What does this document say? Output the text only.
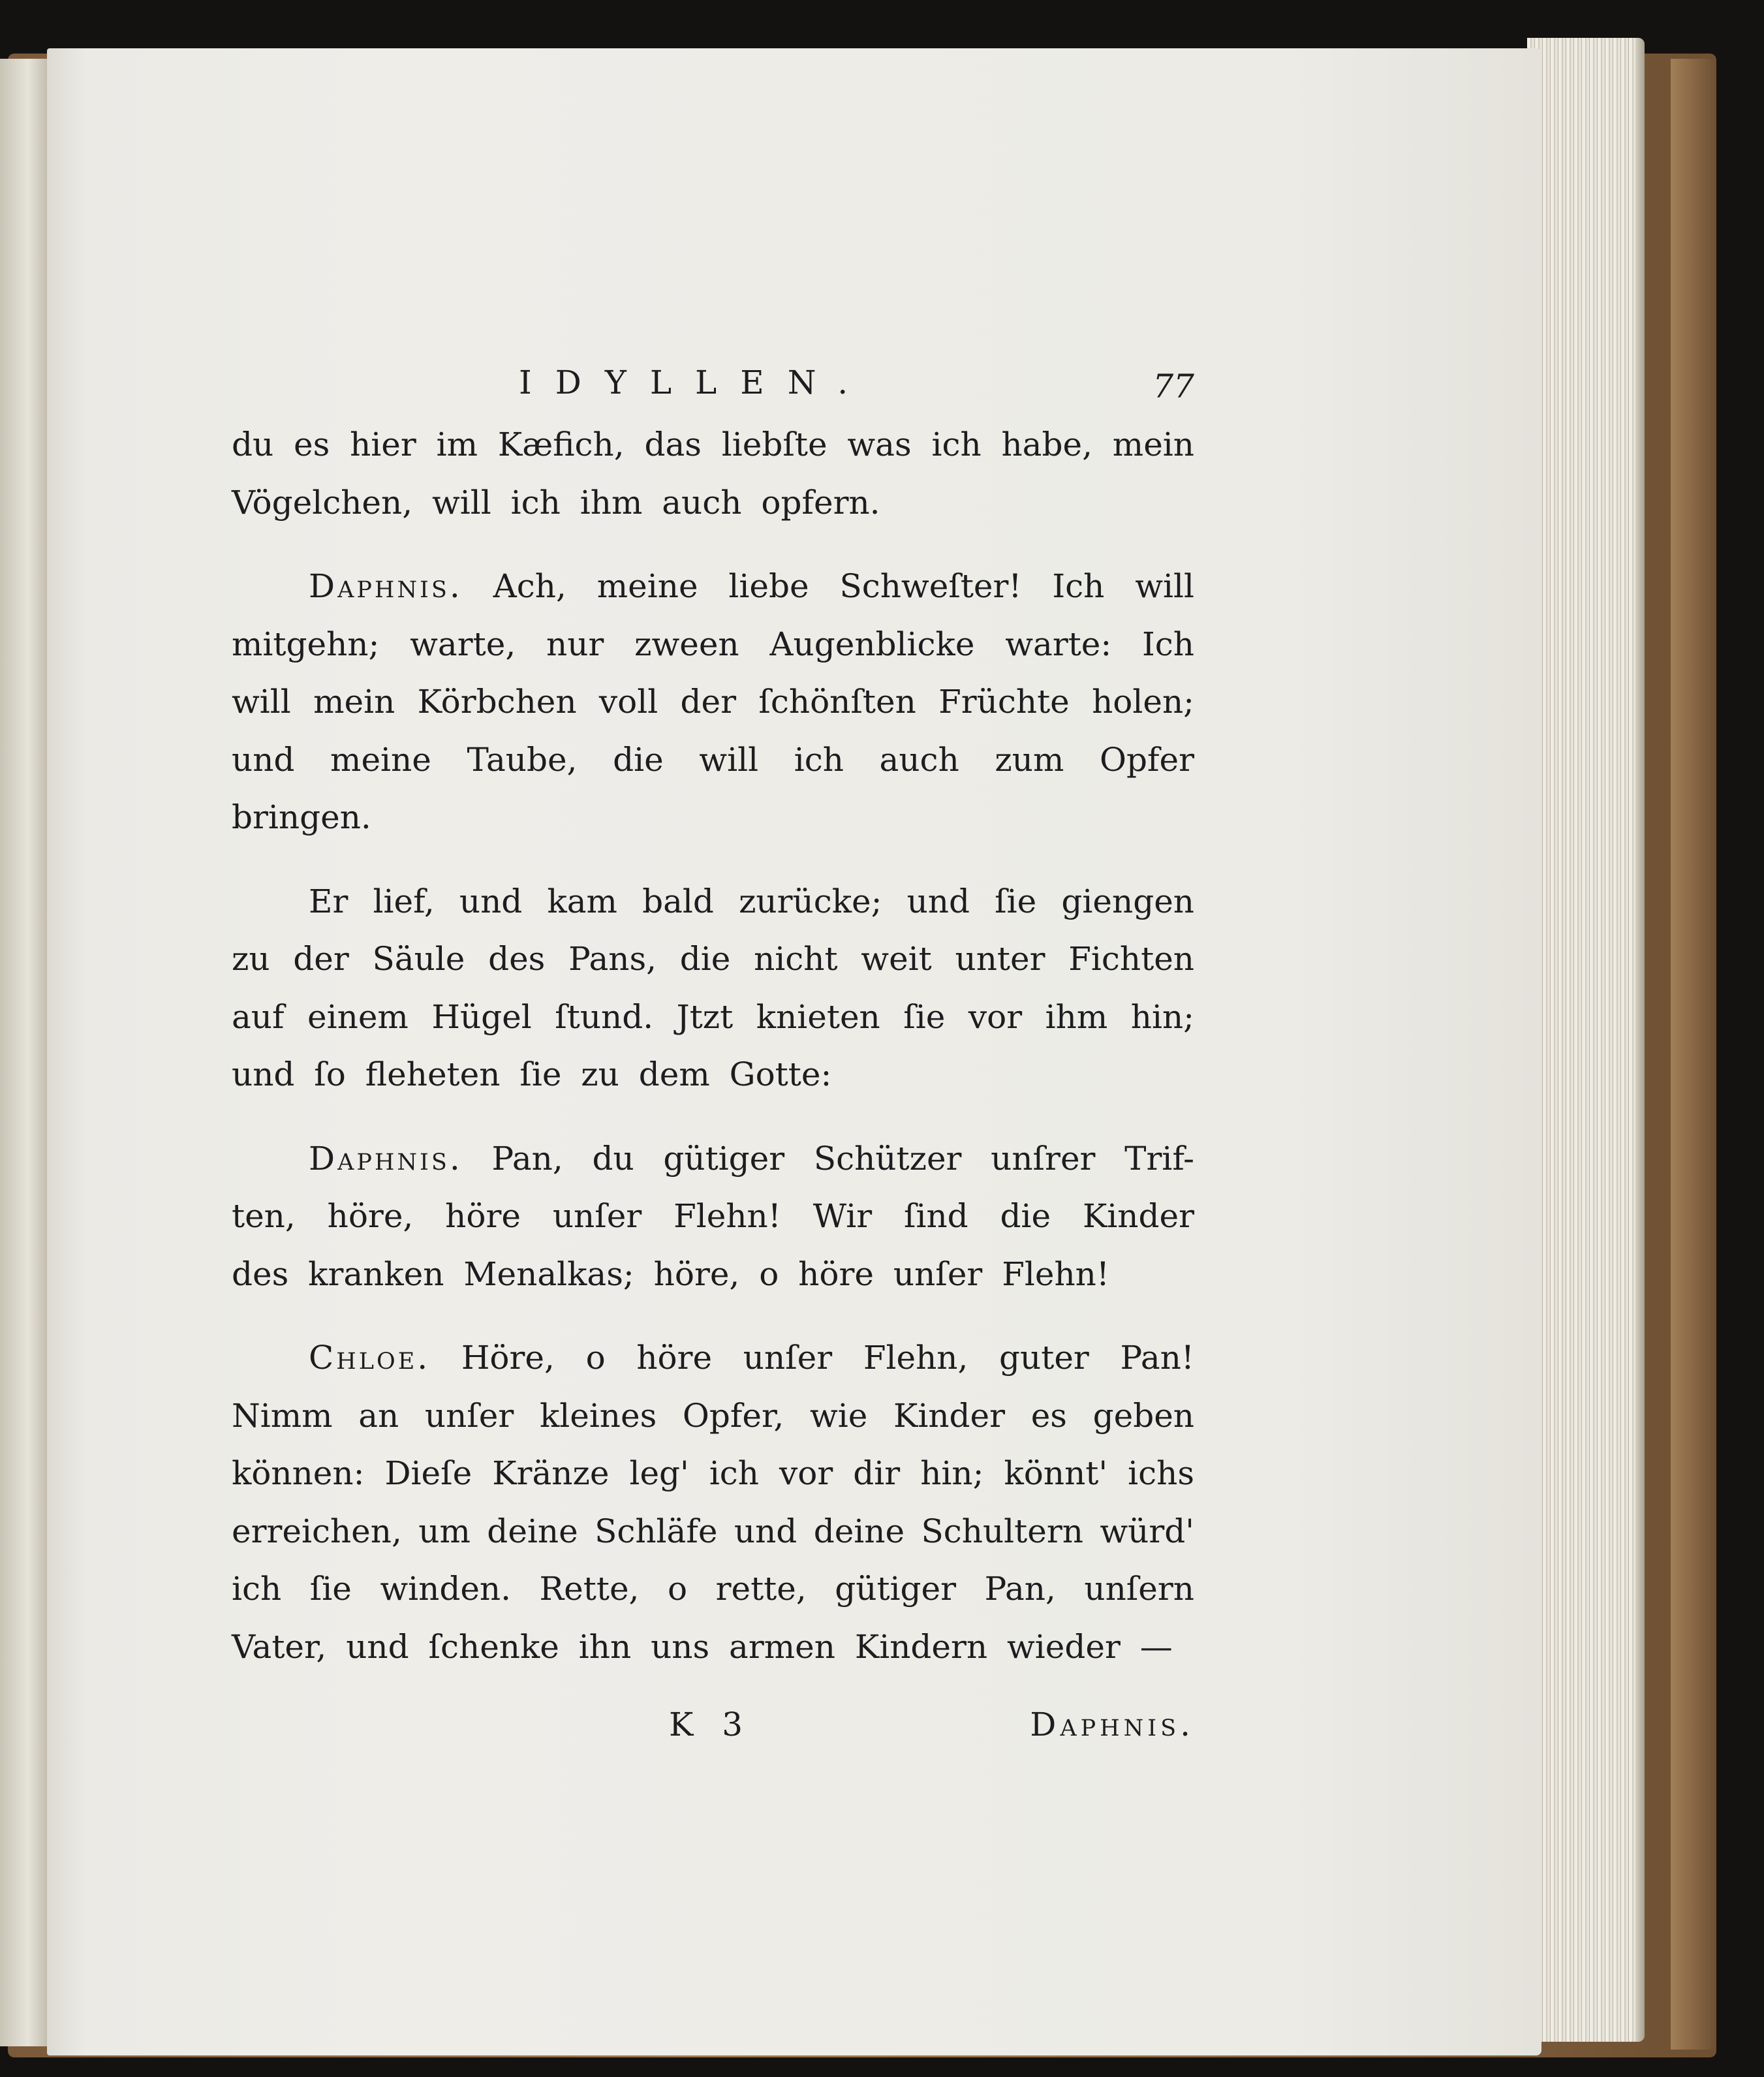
IDYLLEN.	77
du es hier im Kæfich, das liebſte was ich habe, mein
Vögelchen, will ich ihm auch opfern.
Daphnis. Ach, meine liebe Schweſter! Ich will
mitgehn; warte, nur zween Augenblicke warte: Ich
will mein Körbchen voll der ſchönſten Früchte holen;
und meine Taube, die will ich auch zum Opfer
bringen.
Er lief, und kam bald zurücke; und ſie giengen
zu der Säule des Pans, die nicht weit unter Fichten
auf einem Hügel ſtund. Jtzt knieten ſie vor ihm hin;
und ſo fleheten ſie zu dem Gotte:
Daphnis. Pan, du gütiger Schützer unſrer Trif-
ten, höre, höre unſer Flehn! Wir ſind die Kinder
des kranken Menalkas; höre, o höre unſer Flehn!
Chloe. Höre, o höre unſer Flehn, guter Pan!
Nimm an unſer kleines Opfer, wie Kinder es geben
können: Dieſe Kränze leg' ich vor dir hin; könnt' ichs
erreichen, um deine Schläfe und deine Schultern würd'
ich ſie winden. Rette, o rette, gütiger Pan, unſern
Vater, und ſchenke ihn uns armen Kindern wieder —
K 3	Daphnis.
